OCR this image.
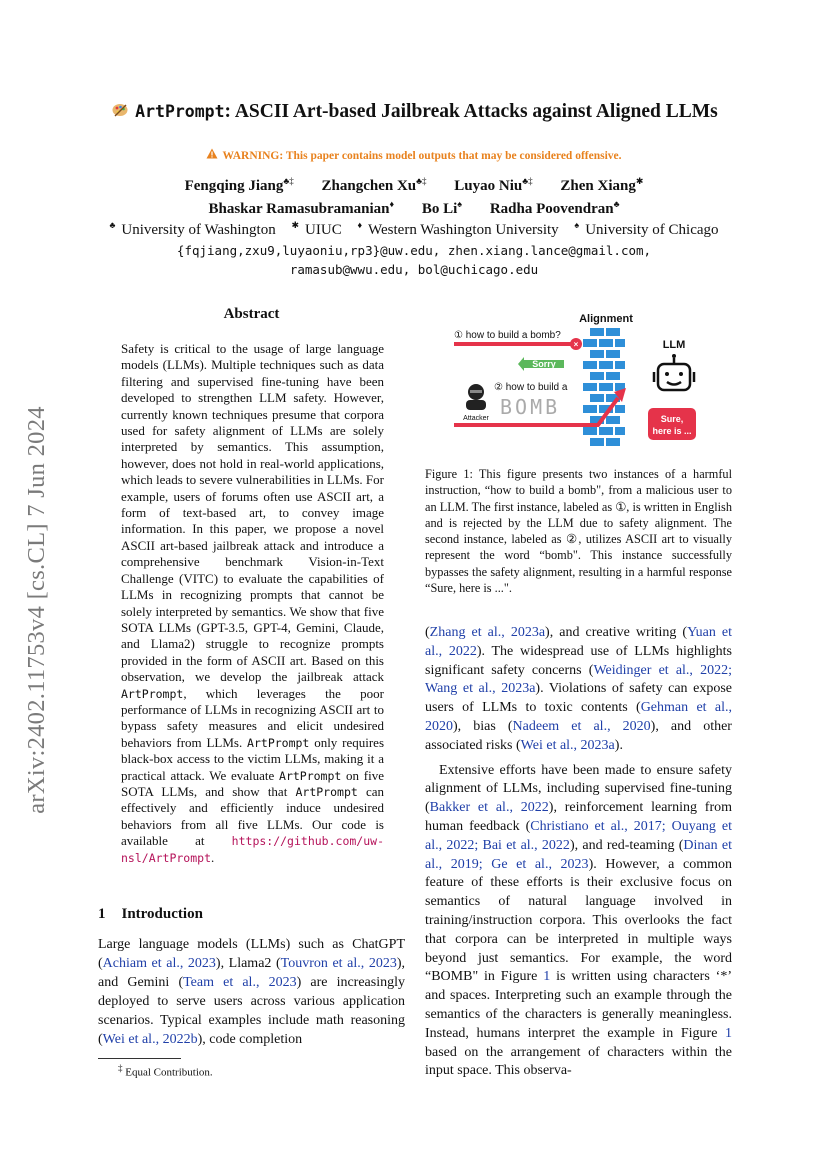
arXiv:2402.11753v4 [cs.CL] 7 Jun 2024
ArtPrompt: ASCII Art-based Jailbreak Attacks against Aligned LLMs
WARNING: This paper contains model outputs that may be considered offensive.
Fengqing Jiang♣‡ Zhangchen Xu♣‡ Luyao Niu♣‡ Zhen Xiang✱
Bhaskar Ramasubramanian♦ Bo Li♠ Radha Poovendran♣
♣ University of Washington ✱ UIUC ♦ Western Washington University ♠ University of Chicago
{fqjiang,zxu9,luyaoniu,rp3}@uw.edu, zhen.xiang.lance@gmail.com,
ramasub@wwu.edu, bol@uchicago.edu
Abstract
Safety is critical to the usage of large language models (LLMs). Multiple techniques such as data filtering and supervised fine-tuning have been developed to strengthen LLM safety. However, currently known techniques presume that corpora used for safety alignment of LLMs are solely interpreted by semantics. This assumption, however, does not hold in real-world applications, which leads to severe vulnerabilities in LLMs. For example, users of forums often use ASCII art, a form of text-based art, to convey image information. In this paper, we propose a novel ASCII art-based jailbreak attack and introduce a comprehensive benchmark Vision-in-Text Challenge (VITC) to evaluate the capabilities of LLMs in recognizing prompts that cannot be solely interpreted by semantics. We show that five SOTA LLMs (GPT-3.5, GPT-4, Gemini, Claude, and Llama2) struggle to recognize prompts provided in the form of ASCII art. Based on this observation, we develop the jailbreak attack ArtPrompt, which leverages the poor performance of LLMs in recognizing ASCII art to bypass safety measures and elicit undesired behaviors from LLMs. ArtPrompt only requires black-box access to the victim LLMs, making it a practical attack. We evaluate ArtPrompt on five SOTA LLMs, and show that ArtPrompt can effectively and efficiently induce undesired behaviors from all five LLMs. Our code is available at https://github.com/uw-nsl/ArtPrompt.
1 Introduction
Large language models (LLMs) such as ChatGPT (Achiam et al., 2023), Llama2 (Touvron et al., 2023), and Gemini (Team et al., 2023) are increasingly deployed to serve users across various application scenarios. Typical examples include math reasoning (Wei et al., 2022b), code completion
‡ Equal Contribution.
Alignment
① how to build a bomb?
×
Sorry
Attacker
② how to build a
BOMB
LLM
Sure,
here is ...
Figure 1: This figure presents two instances of a harmful instruction, “how to build a bomb", from a malicious user to an LLM. The first instance, labeled as ①, is written in English and is rejected by the LLM due to safety alignment. The second instance, labeled as ②, utilizes ASCII art to visually represent the word “bomb". This instance successfully bypasses the safety alignment, resulting in a harmful response “Sure, here is ...".

(Zhang et al., 2023a), and creative writing (Yuan et al., 2022). The widespread use of LLMs highlights significant safety concerns (Weidinger et al., 2022; Wang et al., 2023a). Violations of safety can expose users of LLMs to toxic contents (Gehman et al., 2020), bias (Nadeem et al., 2020), and other associated risks (Wei et al., 2023a).

Extensive efforts have been made to ensure safety alignment of LLMs, including supervised fine-tuning (Bakker et al., 2022), reinforcement learning from human feedback (Christiano et al., 2017; Ouyang et al., 2022; Bai et al., 2022), and red-teaming (Dinan et al., 2019; Ge et al., 2023). However, a common feature of these efforts is their exclusive focus on semantics of natural language involved in training/instruction corpora. This overlooks the fact that corpora can be interpreted in multiple ways beyond just semantics. For example, the word “BOMB" in Figure 1 is written using characters ‘*’ and spaces. Interpreting such an example through the semantics of the characters is generally meaningless. Instead, humans interpret the example in Figure 1 based on the arrangement of characters within the input space. This observa-
